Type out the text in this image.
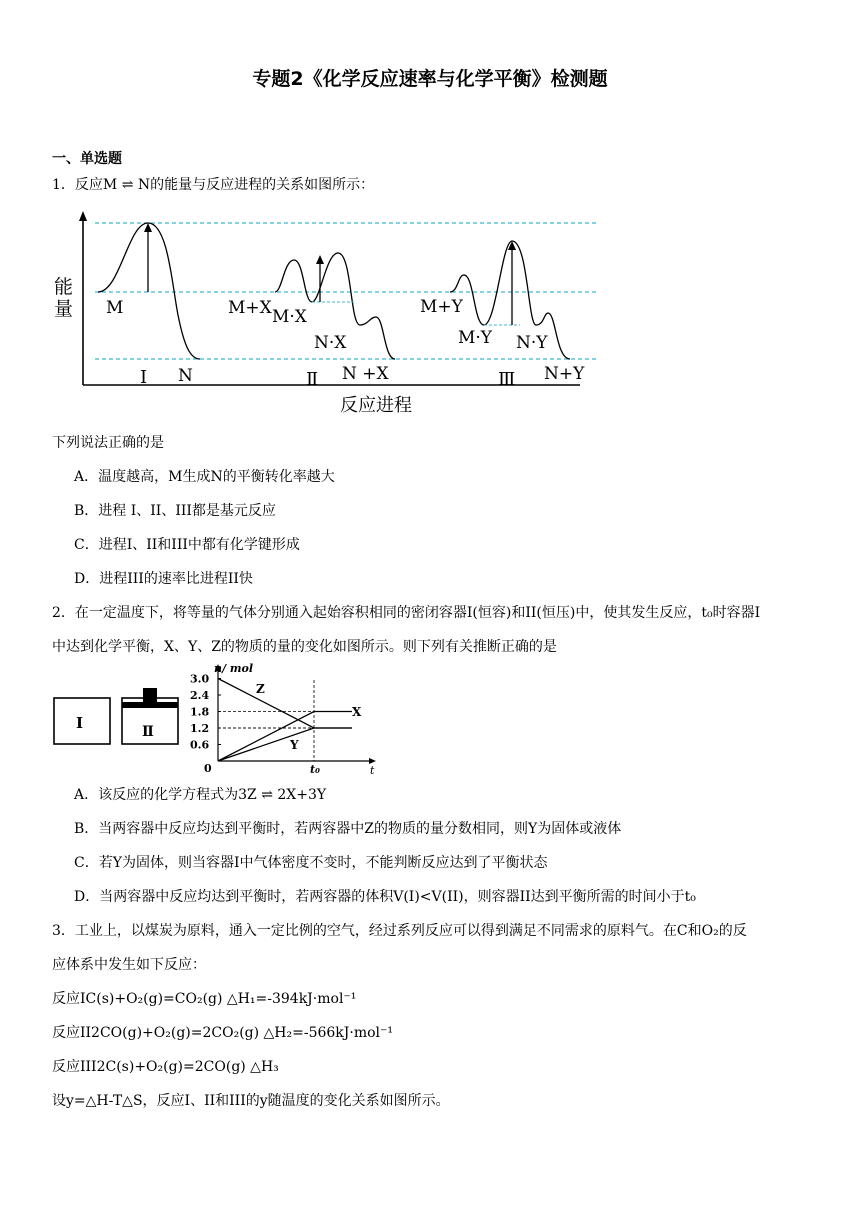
专题2《化学反应速率与化学平衡》检测题
一、单选题
1．反应M ⇌ N的能量与反应进程的关系如图所示：
能
量 M
Ⅰ N
M+X M·X
N·X
Ⅱ N +X
M+Y
M·Y N·Y
Ⅲ N+Y
反应进程
下列说法正确的是
A．温度越高，M生成N的平衡转化率越大
B．进程 I、II、III都是基元反应
C．进程I、II和III中都有化学键形成
D．进程III的速率比进程II快
2．在一定温度下，将等量的气体分别通入起始容积相同的密闭容器I(恒容)和II(恒压)中，使其发生反应，t₀时容器I
中达到化学平衡，X、Y、Z的物质的量的变化如图所示。则下列有关推断正确的是
Ⅰ	Ⅱ
n/ mol
0	t
t₀
3.0
2.4
1.8
1.2
0.6
Z
X
Y
A．该反应的化学方程式为3Z ⇌ 2X+3Y
B．当两容器中反应均达到平衡时，若两容器中Z的物质的量分数相同，则Y为固体或液体
C．若Y为固体，则当容器I中气体密度不变时，不能判断反应达到了平衡状态
D．当两容器中反应均达到平衡时，若两容器的体积V(I)<V(II)，则容器II达到平衡所需的时间小于t₀
3．工业上，以煤炭为原料，通入一定比例的空气，经过系列反应可以得到满足不同需求的原料气。在C和O₂的反
应体系中发生如下反应：
反应IC(s)+O₂(g)=CO₂(g) △H₁=-394kJ·mol⁻¹
反应II2CO(g)+O₂(g)=2CO₂(g) △H₂=-566kJ·mol⁻¹
反应III2C(s)+O₂(g)=2CO(g) △H₃
设y=△H-T△S，反应I、II和III的y随温度的变化关系如图所示。
